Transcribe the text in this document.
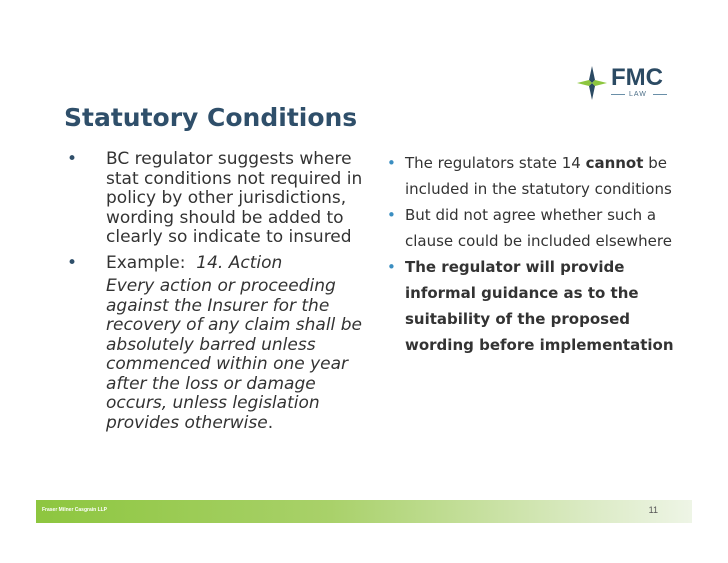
FMC
LAW
Statutory Conditions
• BC regulator suggests where stat conditions not required in policy by other jurisdictions, wording should be added to clearly so indicate to insured
• Example:  14. Action
Every action or proceeding against the Insurer for the recovery of any claim shall be absolutely barred unless commenced within one year after the loss or damage occurs, unless legislation provides otherwise.
• The regulators state 14 cannot be included in the statutory conditions
• But did not agree whether such a clause could be included elsewhere
• The regulator will provide informal guidance as to the suitability of the proposed wording before implementation
Fraser Milner Casgrain LLP	11
